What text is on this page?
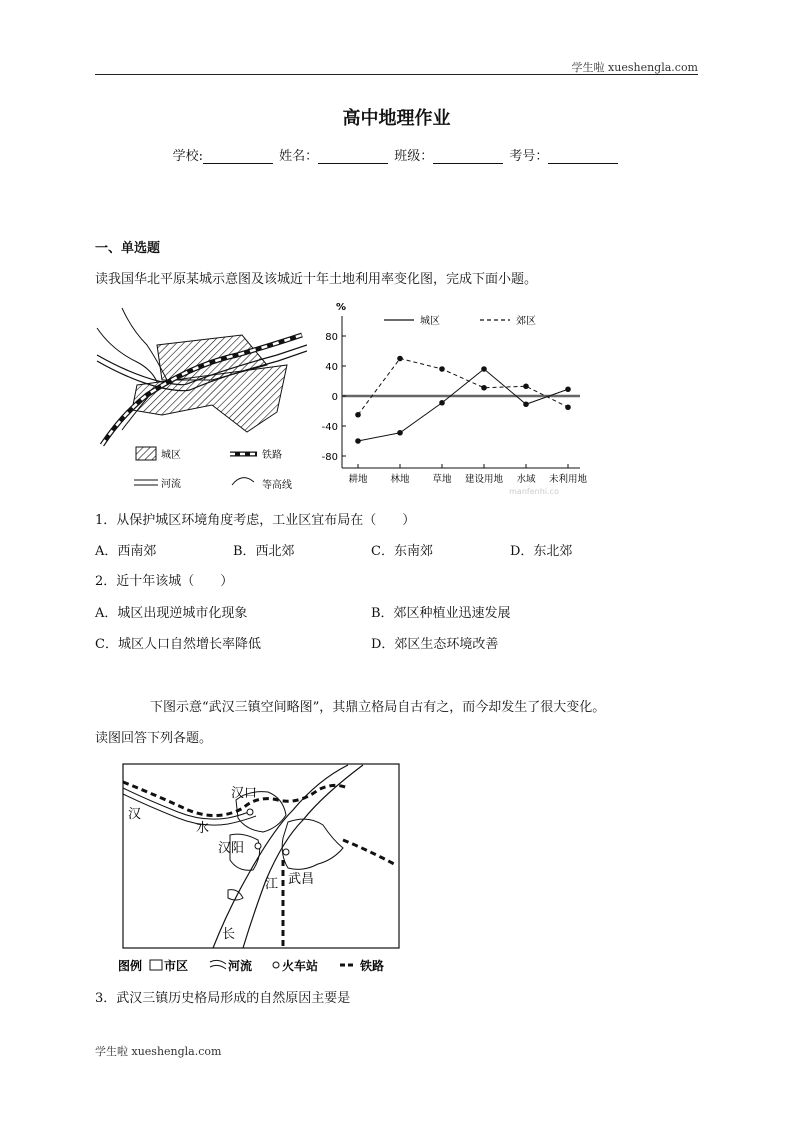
学生啦 xueshengla.com
高中地理作业
学校:	姓名：	班级：	考号：
一、单选题
读我国华北平原某城示意图及该城近十年土地利用率变化图，完成下面小题。
城区	铁路
河流	等高线
%
80
40
0
-40
-80
耕地 林地 草地 建设用地 水域 未利用地
manfenhi.co
城区	郊区
1．从保护城区环境角度考虑，工业区宜布局在（　　）
A．西南郊	B．西北郊	C．东南郊	D．东北郊
2．近十年该城（　　）
A．城区出现逆城市化现象	B．郊区种植业迅速发展
C．城区人口自然增长率降低	D．郊区生态环境改善
下图示意“武汉三镇空间略图”，其鼎立格局自古有之，而今却发生了很大变化。
读图回答下列各题。
汉口
汉
水
汉阳
武昌
江
长
图例 市区	河流 火车站	铁路
3．武汉三镇历史格局形成的自然原因主要是
学生啦 xueshengla.com
